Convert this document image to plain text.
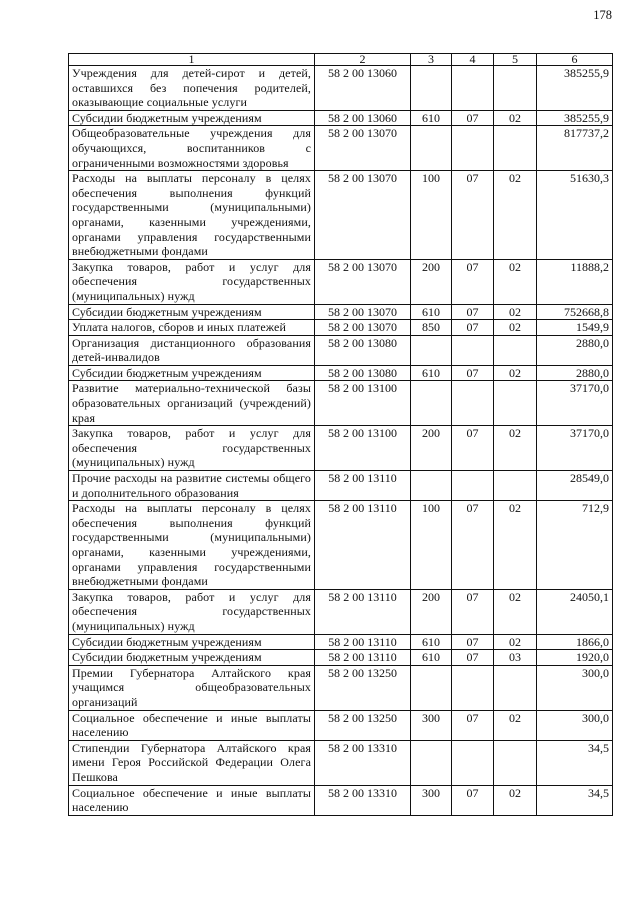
178
1	2	3	4	5	6
Учреждения для детей-сирот и детей, оставшихся без попечения родителей, оказывающие социальные услуги	58 2 00 13060				385255,9
Субсидии бюджетным учреждениям	58 2 00 13060	610	07	02	385255,9
Общеобразовательные учреждения для обучающихся, воспитанников с ограниченными возможностями здоровья	58 2 00 13070				817737,2
Расходы на выплаты персоналу в целях обеспечения выполнения функций государственными (муниципальными) органами, казенными учреждениями, органами управления государственными внебюджетными фондами	58 2 00 13070	100	07	02	51630,3
Закупка товаров, работ и услуг для обеспечения государственных (муниципальных) нужд	58 2 00 13070	200	07	02	11888,2
Субсидии бюджетным учреждениям	58 2 00 13070	610	07	02	752668,8
Уплата налогов, сборов и иных платежей	58 2 00 13070	850	07	02	1549,9
Организация дистанционного образования детей-инвалидов	58 2 00 13080				2880,0
Субсидии бюджетным учреждениям	58 2 00 13080	610	07	02	2880,0
Развитие материально-технической базы образовательных организаций (учреждений) края	58 2 00 13100				37170,0
Закупка товаров, работ и услуг для обеспечения государственных (муниципальных) нужд	58 2 00 13100	200	07	02	37170,0
Прочие расходы на развитие системы общего и дополнительного образования	58 2 00 13110				28549,0
Расходы на выплаты персоналу в целях обеспечения выполнения функций государственными (муниципальными) органами, казенными учреждениями, органами управления государственными внебюджетными фондами	58 2 00 13110	100	07	02	712,9
Закупка товаров, работ и услуг для обеспечения государственных (муниципальных) нужд	58 2 00 13110	200	07	02	24050,1
Субсидии бюджетным учреждениям	58 2 00 13110	610	07	02	1866,0
Субсидии бюджетным учреждениям	58 2 00 13110	610	07	03	1920,0
Премии Губернатора Алтайского края учащимся общеобразовательных организаций	58 2 00 13250				300,0
Социальное обеспечение и иные выплаты населению	58 2 00 13250	300	07	02	300,0
Стипендии Губернатора Алтайского края имени Героя Российской Федерации Олега Пешкова	58 2 00 13310				34,5
Социальное обеспечение и иные выплаты населению	58 2 00 13310	300	07	02	34,5
